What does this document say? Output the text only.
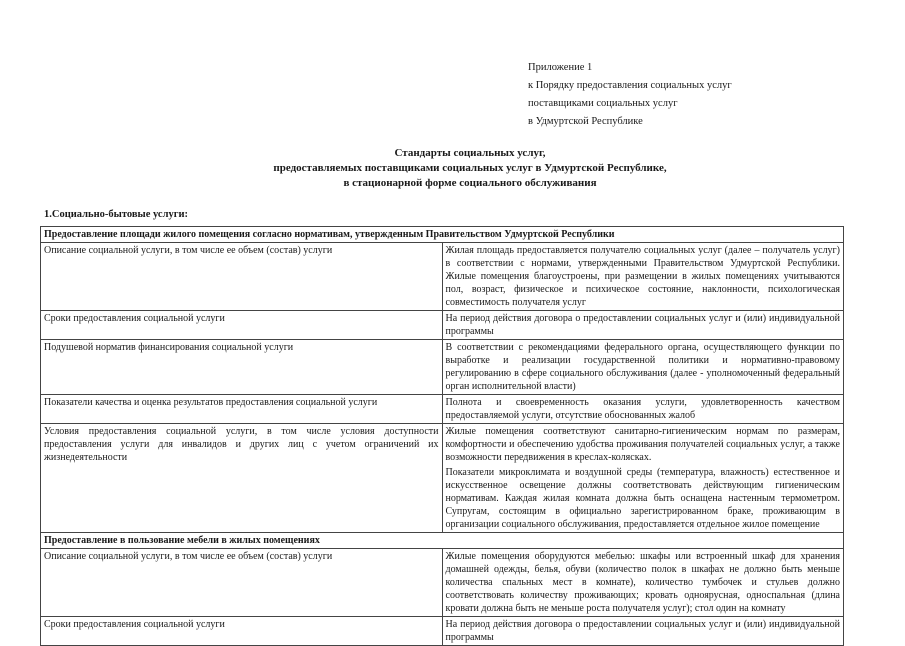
Приложение 1
к Порядку предоставления социальных услуг
поставщиками социальных услуг
в Удмуртской Республике
Стандарты социальных услуг,
предоставляемых поставщиками социальных услуг в Удмуртской Республике,
в стационарной форме социального обслуживания
1.Социально-бытовые услуги:
Предоставление площади жилого помещения согласно нормативам, утвержденным Правительством Удмуртской Республики	
Описание социальной услуги, в том числе ее объем (состав) услуги	Жилая площадь предоставляется получателю социальных услуг (далее – получатель услуг) в соответствии с нормами, утвержденными Правительством Удмуртской Республики. Жилые помещения благоустроены, при размещении в жилых помещениях учитываются пол, возраст, физическое и психическое состояние, наклонности, психологическая совместимость получателя услуг
Сроки предоставления социальной услуги	На период действия договора о предоставлении социальных услуг и (или) индивидуальной программы
Подушевой норматив финансирования социальной услуги	В соответствии с рекомендациями федерального органа, осуществляющего функции по выработке и реализации государственной политики и нормативно-правовому регулированию в сфере социального обслуживания (далее - уполномоченный федеральный орган исполнительной власти)
Показатели качества и оценка результатов предоставления социальной услуги	Полнота и своевременность оказания услуги, удовлетворенность качеством предоставляемой услуги, отсутствие обоснованных жалоб
Условия предоставления социальной услуги, в том числе условия доступности предоставления услуги для инвалидов и других лиц с учетом ограничений их жизнедеятельности	Жилые помещения соответствуют санитарно-гигиеническим нормам по размерам, комфортности и обеспечению удобства проживания получателей социальных услуг, а также возможности передвижения в креслах-колясках.
Показатели микроклимата и воздушной среды (температура, влажность) естественное и искусственное освещение должны соответствовать действующим гигиеническим нормативам. Каждая жилая комната должна быть оснащена настенным термометром. Супругам, состоящим в официально зарегистрированном браке, проживающим в организации социального обслуживания, предоставляется отдельное жилое помещение

Предоставление в пользование мебели в жилых помещениях	
Описание социальной услуги, в том числе ее объем (состав) услуги	Жилые помещения оборудуются мебелью: шкафы или встроенный шкаф для хранения домашней одежды, белья, обуви (количество полок в шкафах не должно быть меньше количества спальных мест в комнате), количество тумбочек и стульев должно соответствовать количеству проживающих; кровать одноярусная, односпальная (длина кровати должна быть не меньше роста получателя услуг); стол один на комнату
Сроки предоставления социальной услуги	На период действия договора о предоставлении социальных услуг и (или) индивидуальной программы
